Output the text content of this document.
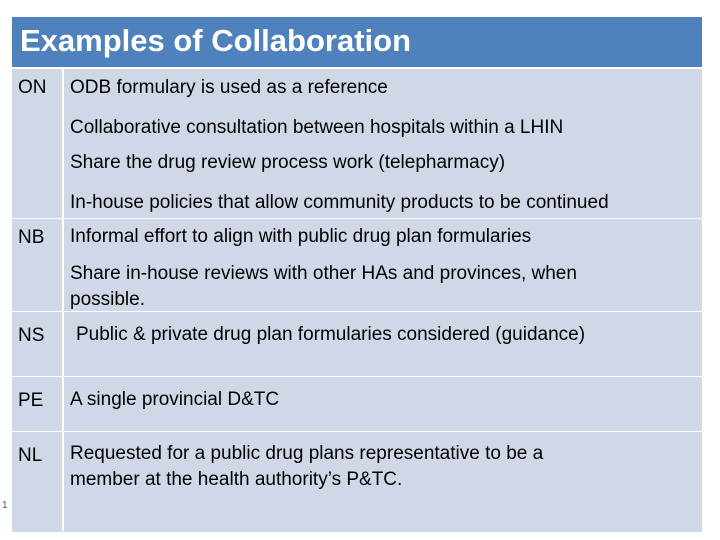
Examples of Collaboration
ON ODB formulary is used as a reference
Collaborative consultation between hospitals within a LHIN
Share the drug review process work (telepharmacy)
In-house policies that allow community products to be continued
NB Informal effort to align with public drug plan formularies
Share in-house reviews with other HAs and provinces, when
possible.
NS Public & private drug plan formularies considered (guidance)
PE A single provincial D&TC
NL Requested for a public drug plans representative to be a
member at the health authority’s P&TC.
1
